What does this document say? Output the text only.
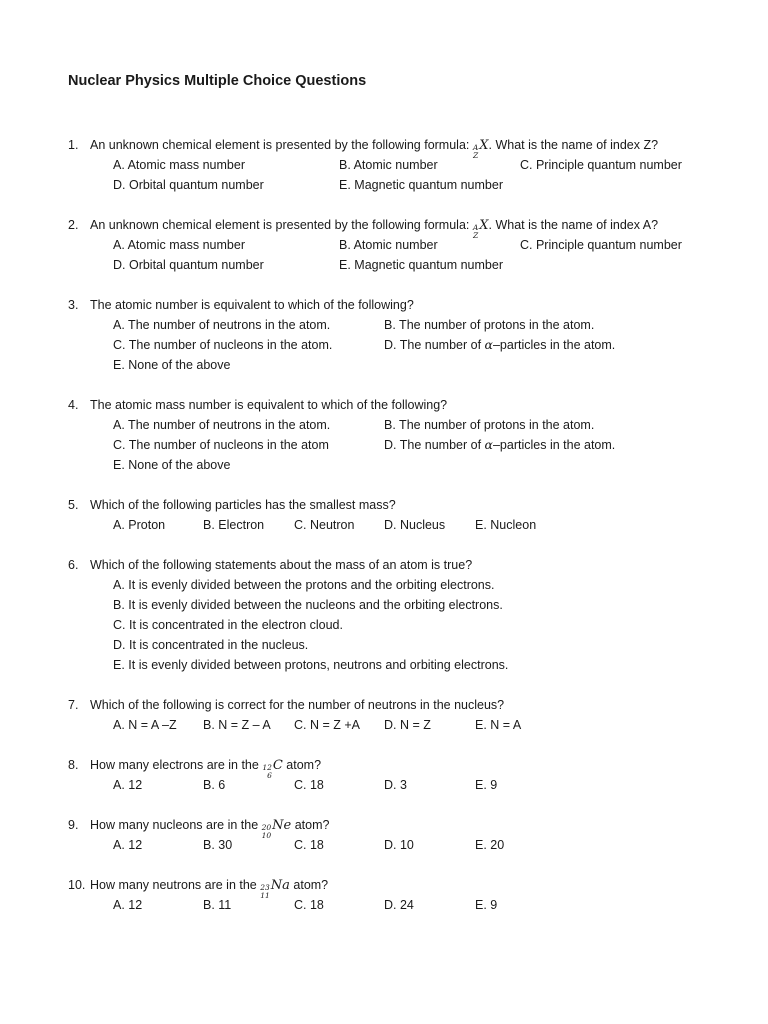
Nuclear Physics Multiple Choice Questions
1. An unknown chemical element is presented by the following formula: A
Z
X. What is the name of index Z?
A. Atomic mass number	B. Atomic number	C. Principle quantum number
D. Orbital quantum number	E. Magnetic quantum number
2. An unknown chemical element is presented by the following formula: A
Z
X. What is the name of index A?
A. Atomic mass number	B. Atomic number	C. Principle quantum number
D. Orbital quantum number	E. Magnetic quantum number
3. The atomic number is equivalent to which of the following?
A. The number of neutrons in the atom.	B. The number of protons in the atom.
C. The number of nucleons in the atom.	D. The number of α–particles in the atom.
E. None of the above
4. The atomic mass number is equivalent to which of the following?
A. The number of neutrons in the atom.	B. The number of protons in the atom.
C. The number of nucleons in the atom	D. The number of α–particles in the atom.
E. None of the above
5. Which of the following particles has the smallest mass?
A. Proton	B. Electron C. Neutron D. Nucleus E. Nucleon
6. Which of the following statements about the mass of an atom is true?
A. It is evenly divided between the protons and the orbiting electrons.
B. It is evenly divided between the nucleons and the orbiting electrons.
C. It is concentrated in the electron cloud.
D. It is concentrated in the nucleus.
E. It is evenly divided between protons, neutrons and orbiting electrons.
7. Which of the following is correct for the number of neutrons in the nucleus?
A. N = A –Z B. N = Z – A C. N = Z +A D. N = Z	E. N = A
8. How many electrons are in the 12
6
C atom?
A. 12	B. 6	C. 18	D. 3	E. 9
9. How many nucleons are in the 20
10
Ne atom?
A. 12	B. 30	C. 18	D. 10	E. 20
10. How many neutrons are in the 23
11
Na atom?
A. 12	B. 11	C. 18	D. 24	E. 9
